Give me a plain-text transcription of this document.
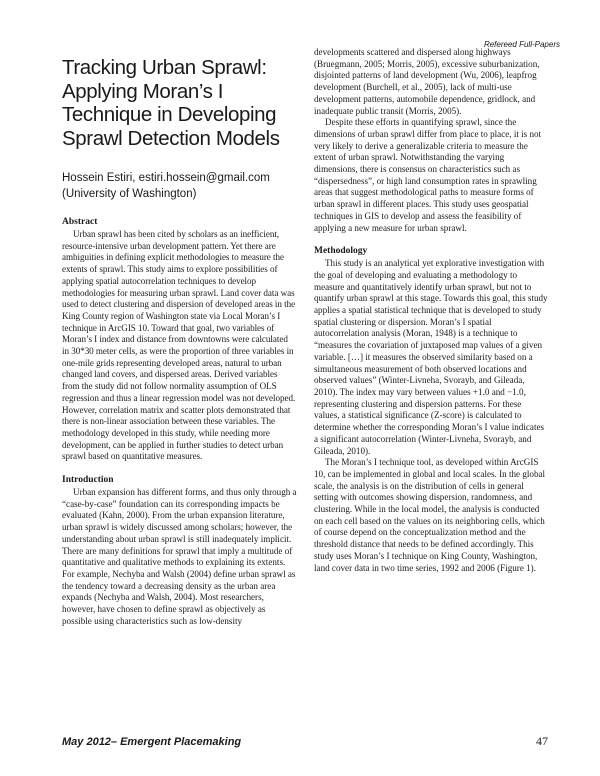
Refereed Full-Papers
Tracking Urban Sprawl: Applying Moran’s I Technique in Developing Sprawl Detection Models
Hossein Estiri, estiri.hossein@gmail.com
(University of Washington)
Abstract

Urban sprawl has been cited by scholars as an inefficient, resource-intensive urban development pattern. Yet there are ambiguities in defining explicit methodologies to measure the extents of sprawl. This study aims to explore possibilities of applying spatial autocorrelation techniques to develop methodologies for measuring urban sprawl. Land cover data was used to detect clustering and dispersion of developed areas in the King County region of Washington state via Local Moran’s I technique in ArcGIS 10. Toward that goal, two variables of Moran’s I index and distance from downtowns were calculated in 30*30 meter cells, as were the proportion of three variables in one-mile grids representing developed areas, natural to urban changed land covers, and dispersed areas. Derived variables from the study did not follow normality assumption of OLS regression and thus a linear regression model was not developed. However, correlation matrix and scatter plots demonstrated that there is non-linear association between these variables. The methodology developed in this study, while needing more development, can be applied in further studies to detect urban sprawl based on quantitative measures.

Introduction

Urban expansion has different forms, and thus only through a “case-by-case” foundation can its corresponding impacts be evaluated (Kahn, 2000). From the urban expansion literature, urban sprawl is widely discussed among scholars; however, the understanding about urban sprawl is still inadequately implicit. There are many definitions for sprawl that imply a multitude of quantitative and qualitative methods to explaining its extents. For example, Nechyba and Walsh (2004) define urban sprawl as the tendency toward a decreasing density as the urban area expands (Nechyba and Walsh, 2004). Most researchers, however, have chosen to define sprawl as objectively as possible using characteristics such as low-density

developments scattered and dispersed along highways (Bruegmann, 2005; Morris, 2005), excessive suburbanization, disjointed patterns of land development (Wu, 2006), leapfrog development (Burchell, et al., 2005), lack of multi-use development patterns, automobile dependence, gridlock, and inadequate public transit (Morris, 2005).

Despite these efforts in quantifying sprawl, since the dimensions of urban sprawl differ from place to place, it is not very likely to derive a generalizable criteria to measure the extent of urban sprawl. Notwithstanding the varying dimensions, there is consensus on characteristics such as “dispersedness”, or high land consumption rates in sprawling areas that suggest methodological paths to measure forms of urban sprawl in different places. This study uses geospatial techniques in GIS to develop and assess the feasibility of applying a new measure for urban sprawl.

Methodology

This study is an analytical yet explorative investigation with the goal of developing and evaluating a methodology to measure and quantitatively identify urban sprawl, but not to quantify urban sprawl at this stage. Towards this goal, this study applies a spatial statistical technique that is developed to study spatial clustering or dispersion. Moran’s I spatial autocorrelation analysis (Moran, 1948) is a technique to “measures the covariation of juxtaposed map values of a given variable. […] it measures the observed similarity based on a simultaneous measurement of both observed locations and observed values” (Winter-Livneha, Svorayb, and Gileada, 2010). The index may vary between values +1.0 and −1.0, representing clustering and dispersion patterns. For these values, a statistical significance (Z-score) is calculated to determine whether the corresponding Moran’s I value indicates a significant autocorrelation (Winter-Livneha, Svorayb, and Gileada, 2010).

The Moran’s I technique tool, as developed within ArcGIS 10, can be implemented in global and local scales. In the global scale, the analysis is on the distribution of cells in general setting with outcomes showing dispersion, randomness, and clustering. While in the local model, the analysis is conducted on each cell based on the values on its neighboring cells, which of course depend on the conceptualization method and the threshold distance that needs to be defined accordingly. This study uses Moran’s I technique on King County, Washington, land cover data in two time series, 1992 and 2006 (Figure 1).

May 2012– Emergent Placemaking	47
